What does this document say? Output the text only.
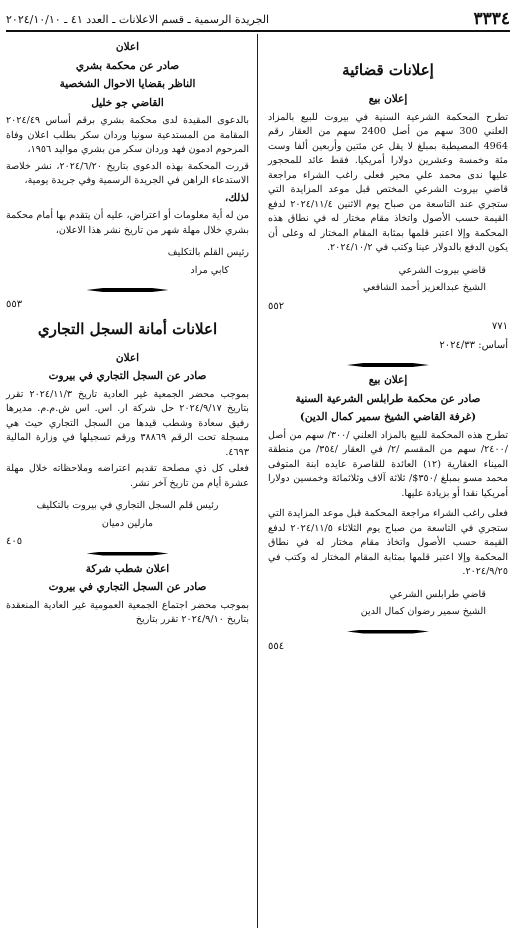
٣٣٣٤
الجريدة الرسمية ـ قسم الاعلانات ـ العدد ٤١ ـ ٢٠٢٤/١٠/١٠
إعلانات قضائية
إعلان بيع
تطرح المحكمة الشرعية السنية في بيروت للبيع بالمزاد العلني 300 سهم من أصل 2400 سهم من العقار رقم 4964 المصيطبة بمبلغ لا يقل عن مئتين وأربعين ألفا وست مئة وخمسة وعشرين دولارا أمريكيا. فقط عائد للمحجور عليها ندى محمد علي محير فعلى راغب الشراء مراجعة قاضي بيروت الشرعي المختص قبل موعد المزايدة التي ستجري عند التاسعة من صباح يوم الاثنين ٢٠٢٤/١١/٤ لدفع القيمة حسب الأصول واتخاذ مقام مختار له في نطاق هذه المحكمة وإلا اعتبر قلمها بمثابة المقام المختار له وعلى أن يكون الدفع بالدولار عينا وكتب في ٢٠٢٤/١٠/٢.
قاضي بيروت الشرعي
الشيخ عبدالعزيز أحمد الشافعي
٥٥٢
٧٧١
أساس: ٢٠٢٤/٣٣
إعلان بيع
صادر عن محكمة طرابلس الشرعية السنية
(غرفة القاضي الشيخ سمير كمال الدين)
تطرح هذه المحكمة للبيع بالمزاد العلني /٣٠٠/ سهم من أصل /٢٤٠٠/ سهم من المقسم /٢/ في العقار /٣٥٤/ من منطقة الميناء العقارية (١٢) العائدة للقاصرة عايده ابنة المتوفى محمد مسو بمبلغ /٣٥٠$/ ثلاثة آلاف وثلاثمائة وخمسين دولارا أمريكيا نقدا أو بزيادة عليها.
فعلى راغب الشراء مراجعة المحكمة قبل موعد المزايدة التي ستجري في التاسعة من صباح يوم الثلاثاء ٢٠٢٤/١١/٥ لدفع القيمة حسب الأصول واتخاذ مقام مختار له في نطاق المحكمة وإلا اعتبر قلمها بمثابة المقام المختار له وكتب في ٢٠٢٤/٩/٢٥.
قاضي طرابلس الشرعي
الشيخ سمير رضوان كمال الدين
٥٥٤
اعلان
صادر عن محكمة بشري
الناظر بقضايا الاحوال الشخصية
القاضي جو خليل
بالدعوى المقيدة لدى محكمة بشري برقم أساس ٢٠٢٤/٤٩ المقامة من المستدعية سونيا وردان سكر بطلب اعلان وفاة المرحوم ادمون فهد وردان سكر من بشري مواليد ١٩٥٦،
قررت المحكمة بهذه الدعوى بتاريخ ٢٠٢٤/٦/٢٠، نشر خلاصة الاستدعاء الراهن في الجريدة الرسمية وفي جريدة يومية،
لذلك،
من له أية معلومات أو اعتراض، عليه أن يتقدم بها أمام محكمة بشري خلال مهلة شهر من تاريخ نشر هذا الاعلان،
رئيس القلم بالتكليف
كابي مراد
٥٥٣
اعلانات أمانة السجل التجاري
اعلان
صادر عن السجل التجاري في بيروت
بموجب محضر الجمعية غير العادية تاريخ ٢٠٢٤/١١/٣ تقرر بتاريخ ٢٠٢٤/٩/١٧ حل شركة ار. اس. اس ش.م.م. مديرها رفيق سعادة وشطب قيدها من السجل التجاري حيث هي مسجلة تحت الرقم ٣٨٨٦٩ ورقم تسجيلها في وزارة المالية ٤٦٩٣.
فعلى كل ذي مصلحة تقديم اعتراضه وملاحظاته خلال مهلة عشرة أيام من تاريخ آخر نشر.
رئيس قلم السجل التجاري في بيروت بالتكليف
مارلين دميان
٤٠٥
اعلان شطب شركة
صادر عن السجل التجاري في بيروت
بموجب محضر اجتماع الجمعية العمومية غير العادية المنعقدة بتاريخ ٢٠٢٤/٩/١٠ تقرر بتاريخ
